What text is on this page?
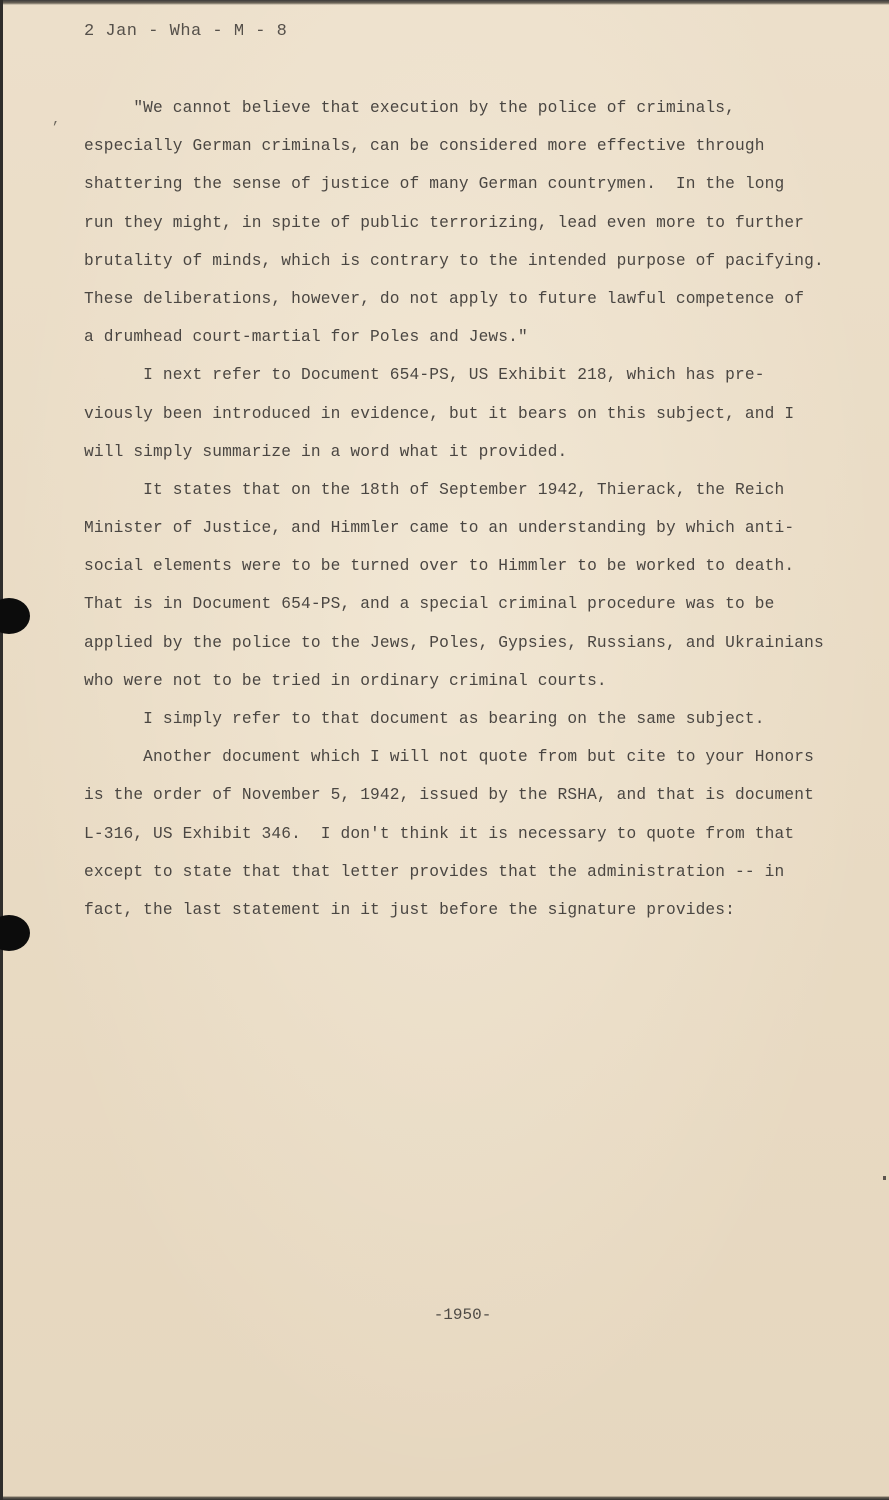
,
2 Jan - Wha - M - 8
"We cannot believe that execution by the police of criminals,
especially German criminals, can be considered more effective through
shattering the sense of justice of many German countrymen.  In the long
run they might, in spite of public terrorizing, lead even more to further
brutality of minds, which is contrary to the intended purpose of pacifying.
These deliberations, however, do not apply to future lawful competence of
a drumhead court-martial for Poles and Jews."
I next refer to Document 654-PS, US Exhibit 218, which has pre-
viously been introduced in evidence, but it bears on this subject, and I
will simply summarize in a word what it provided.
It states that on the 18th of September 1942, Thierack, the Reich
Minister of Justice, and Himmler came to an understanding by which anti-
social elements were to be turned over to Himmler to be worked to death.
That is in Document 654-PS, and a special criminal procedure was to be
applied by the police to the Jews, Poles, Gypsies, Russians, and Ukrainians
who were not to be tried in ordinary criminal courts.
I simply refer to that document as bearing on the same subject.
Another document which I will not quote from but cite to your Honors
is the order of November 5, 1942, issued by the RSHA, and that is document
L-316, US Exhibit 346.  I don't think it is necessary to quote from that
except to state that that letter provides that the administration -- in
fact, the last statement in it just before the signature provides:
-1950-
